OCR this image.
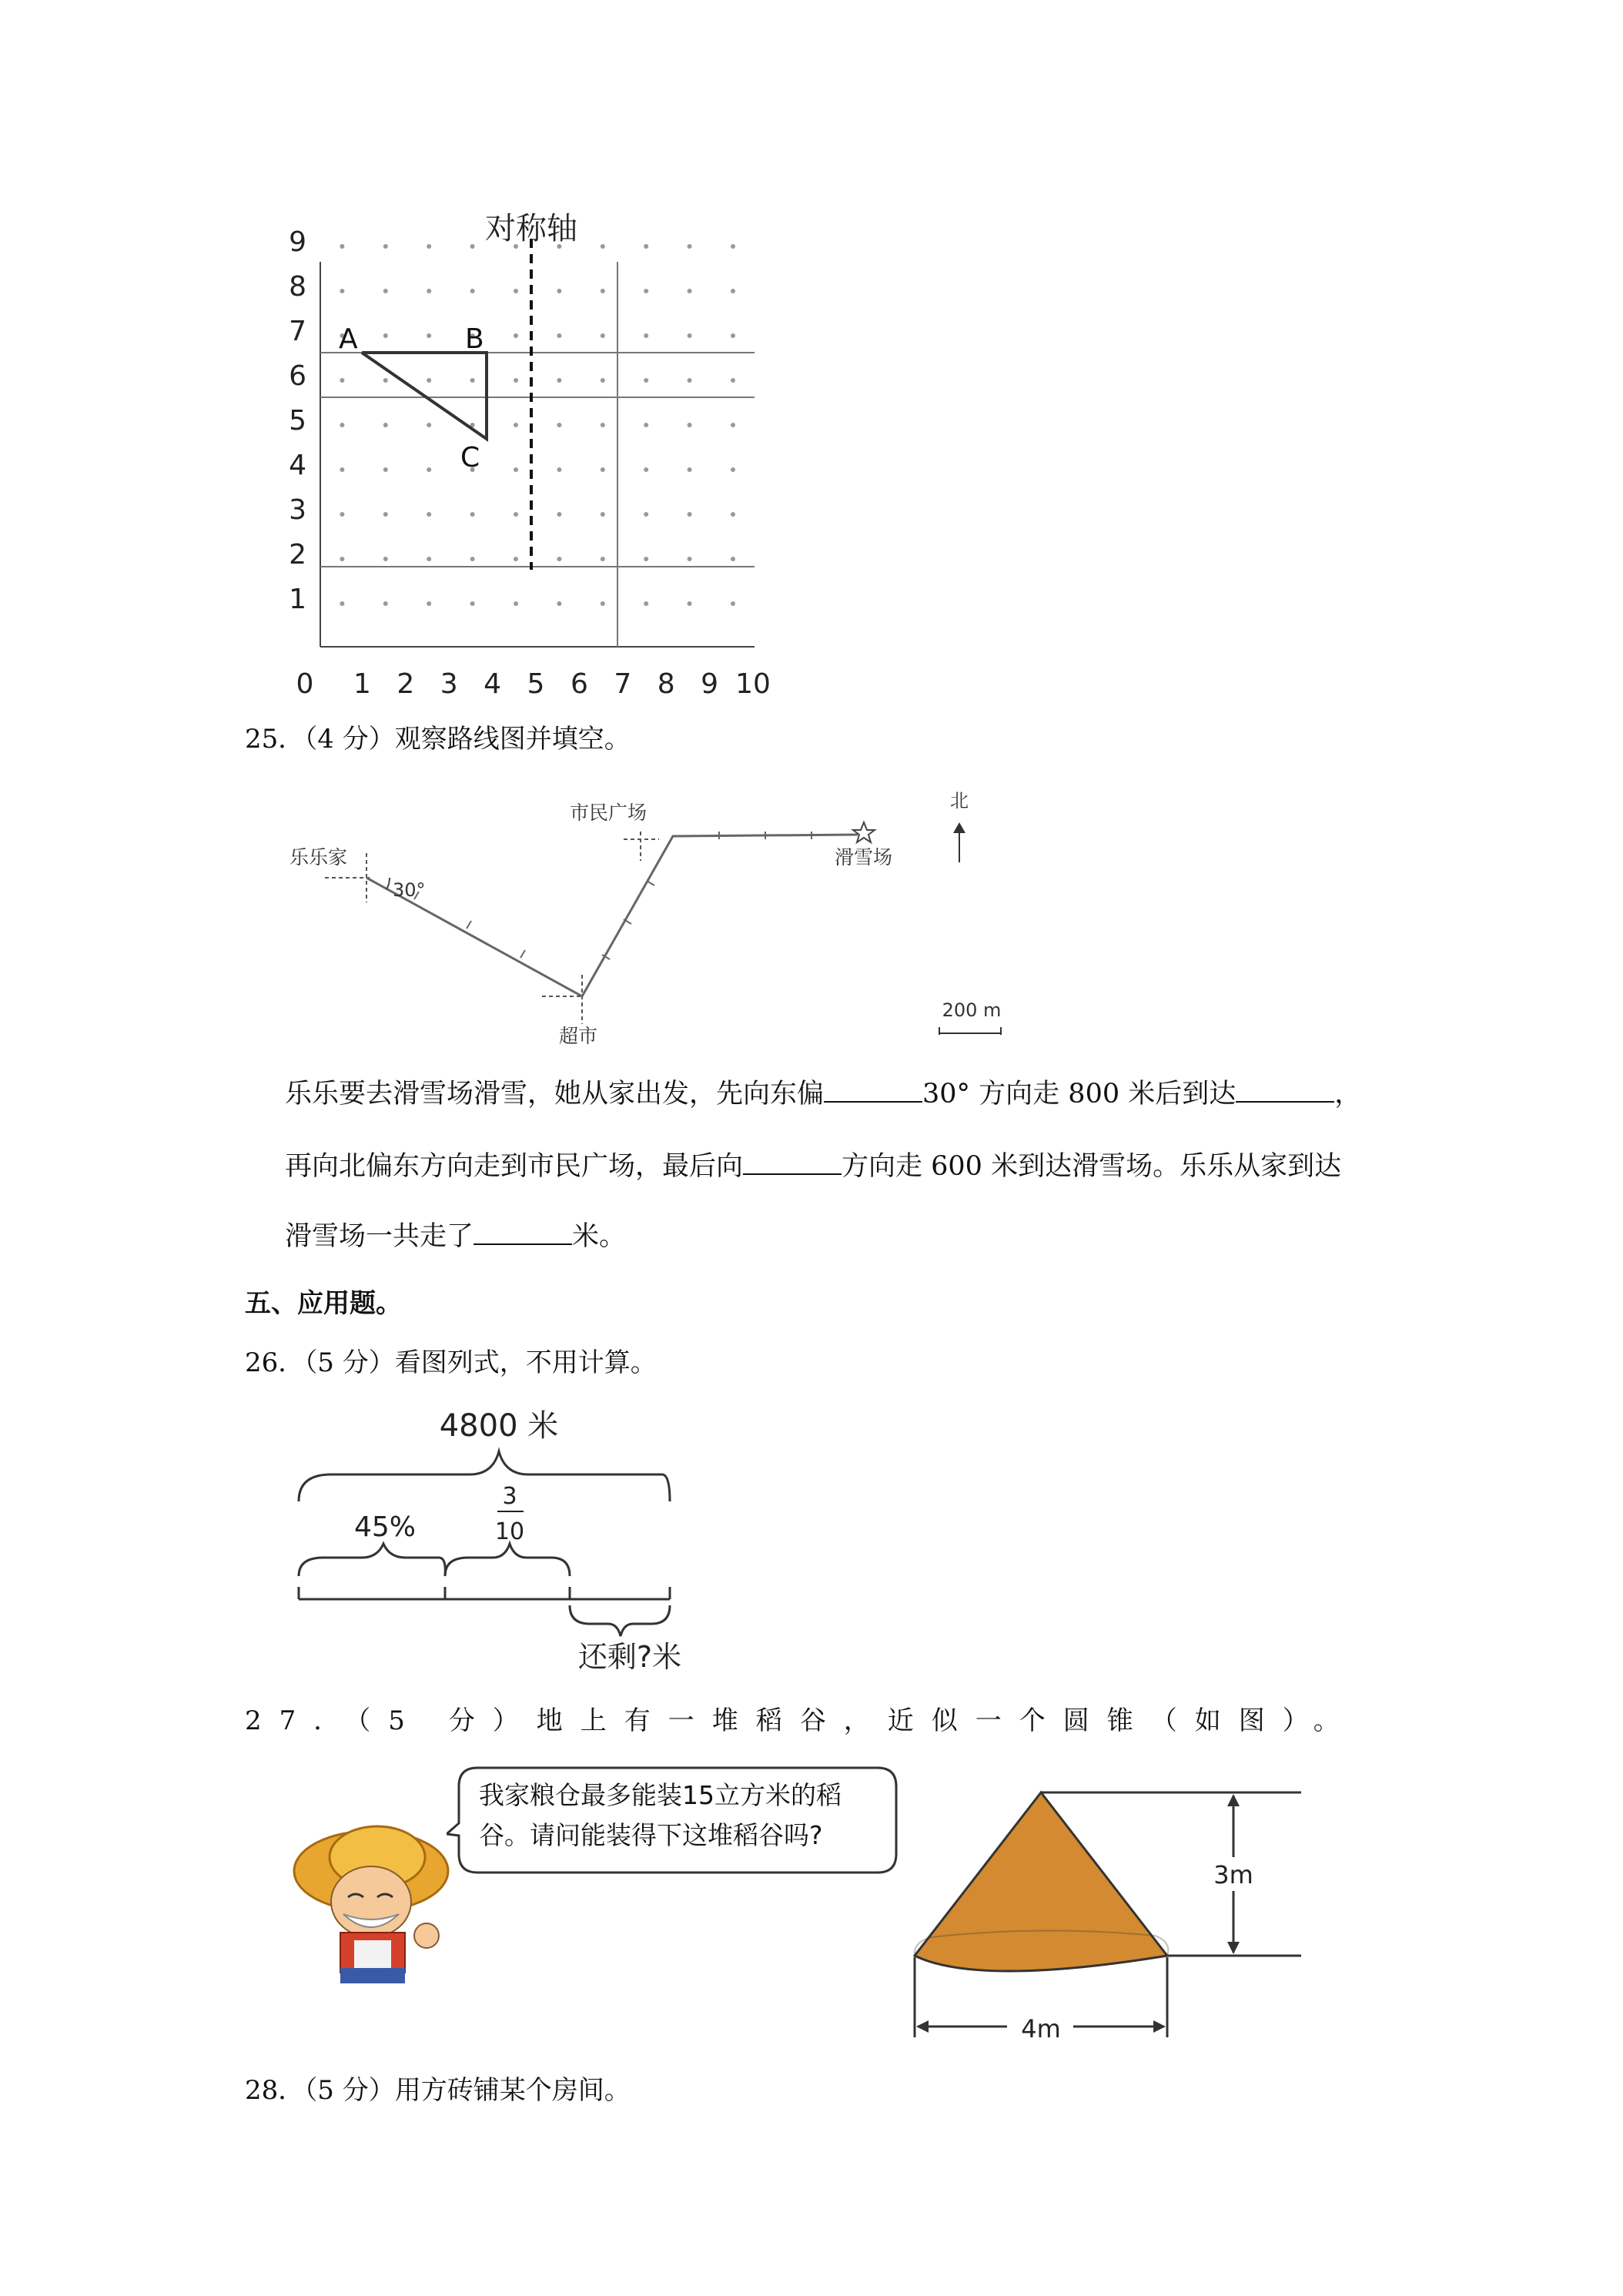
对称轴
A	B
C
9
8
7
6
5
4
3
2
1
0 1 2 3 4 5 6 7 8 9 10
25．（4 分）观察路线图并填空。
30°
乐乐家
市民广场
滑雪场
超市
北
200 m
乐乐要去滑雪场滑雪，她从家出发，先向东偏	30° 方向走 800 米后到达	，
再向北偏东方向走到市民广场，最后向	方向走 600 米到达滑雪场。乐乐从家到达
滑雪场一共走了	米。
五、应用题。
26．（5 分）看图列式，不用计算。
4800 米
45%
3
10
还剩?米
27．（5 分）地上有一堆稻谷，近似一个圆锥（如图）。
我家粮仓最多能装15立方米的稻
谷。请问能装得下这堆稻谷吗?
3m
4m
28．（5 分）用方砖铺某个房间。
